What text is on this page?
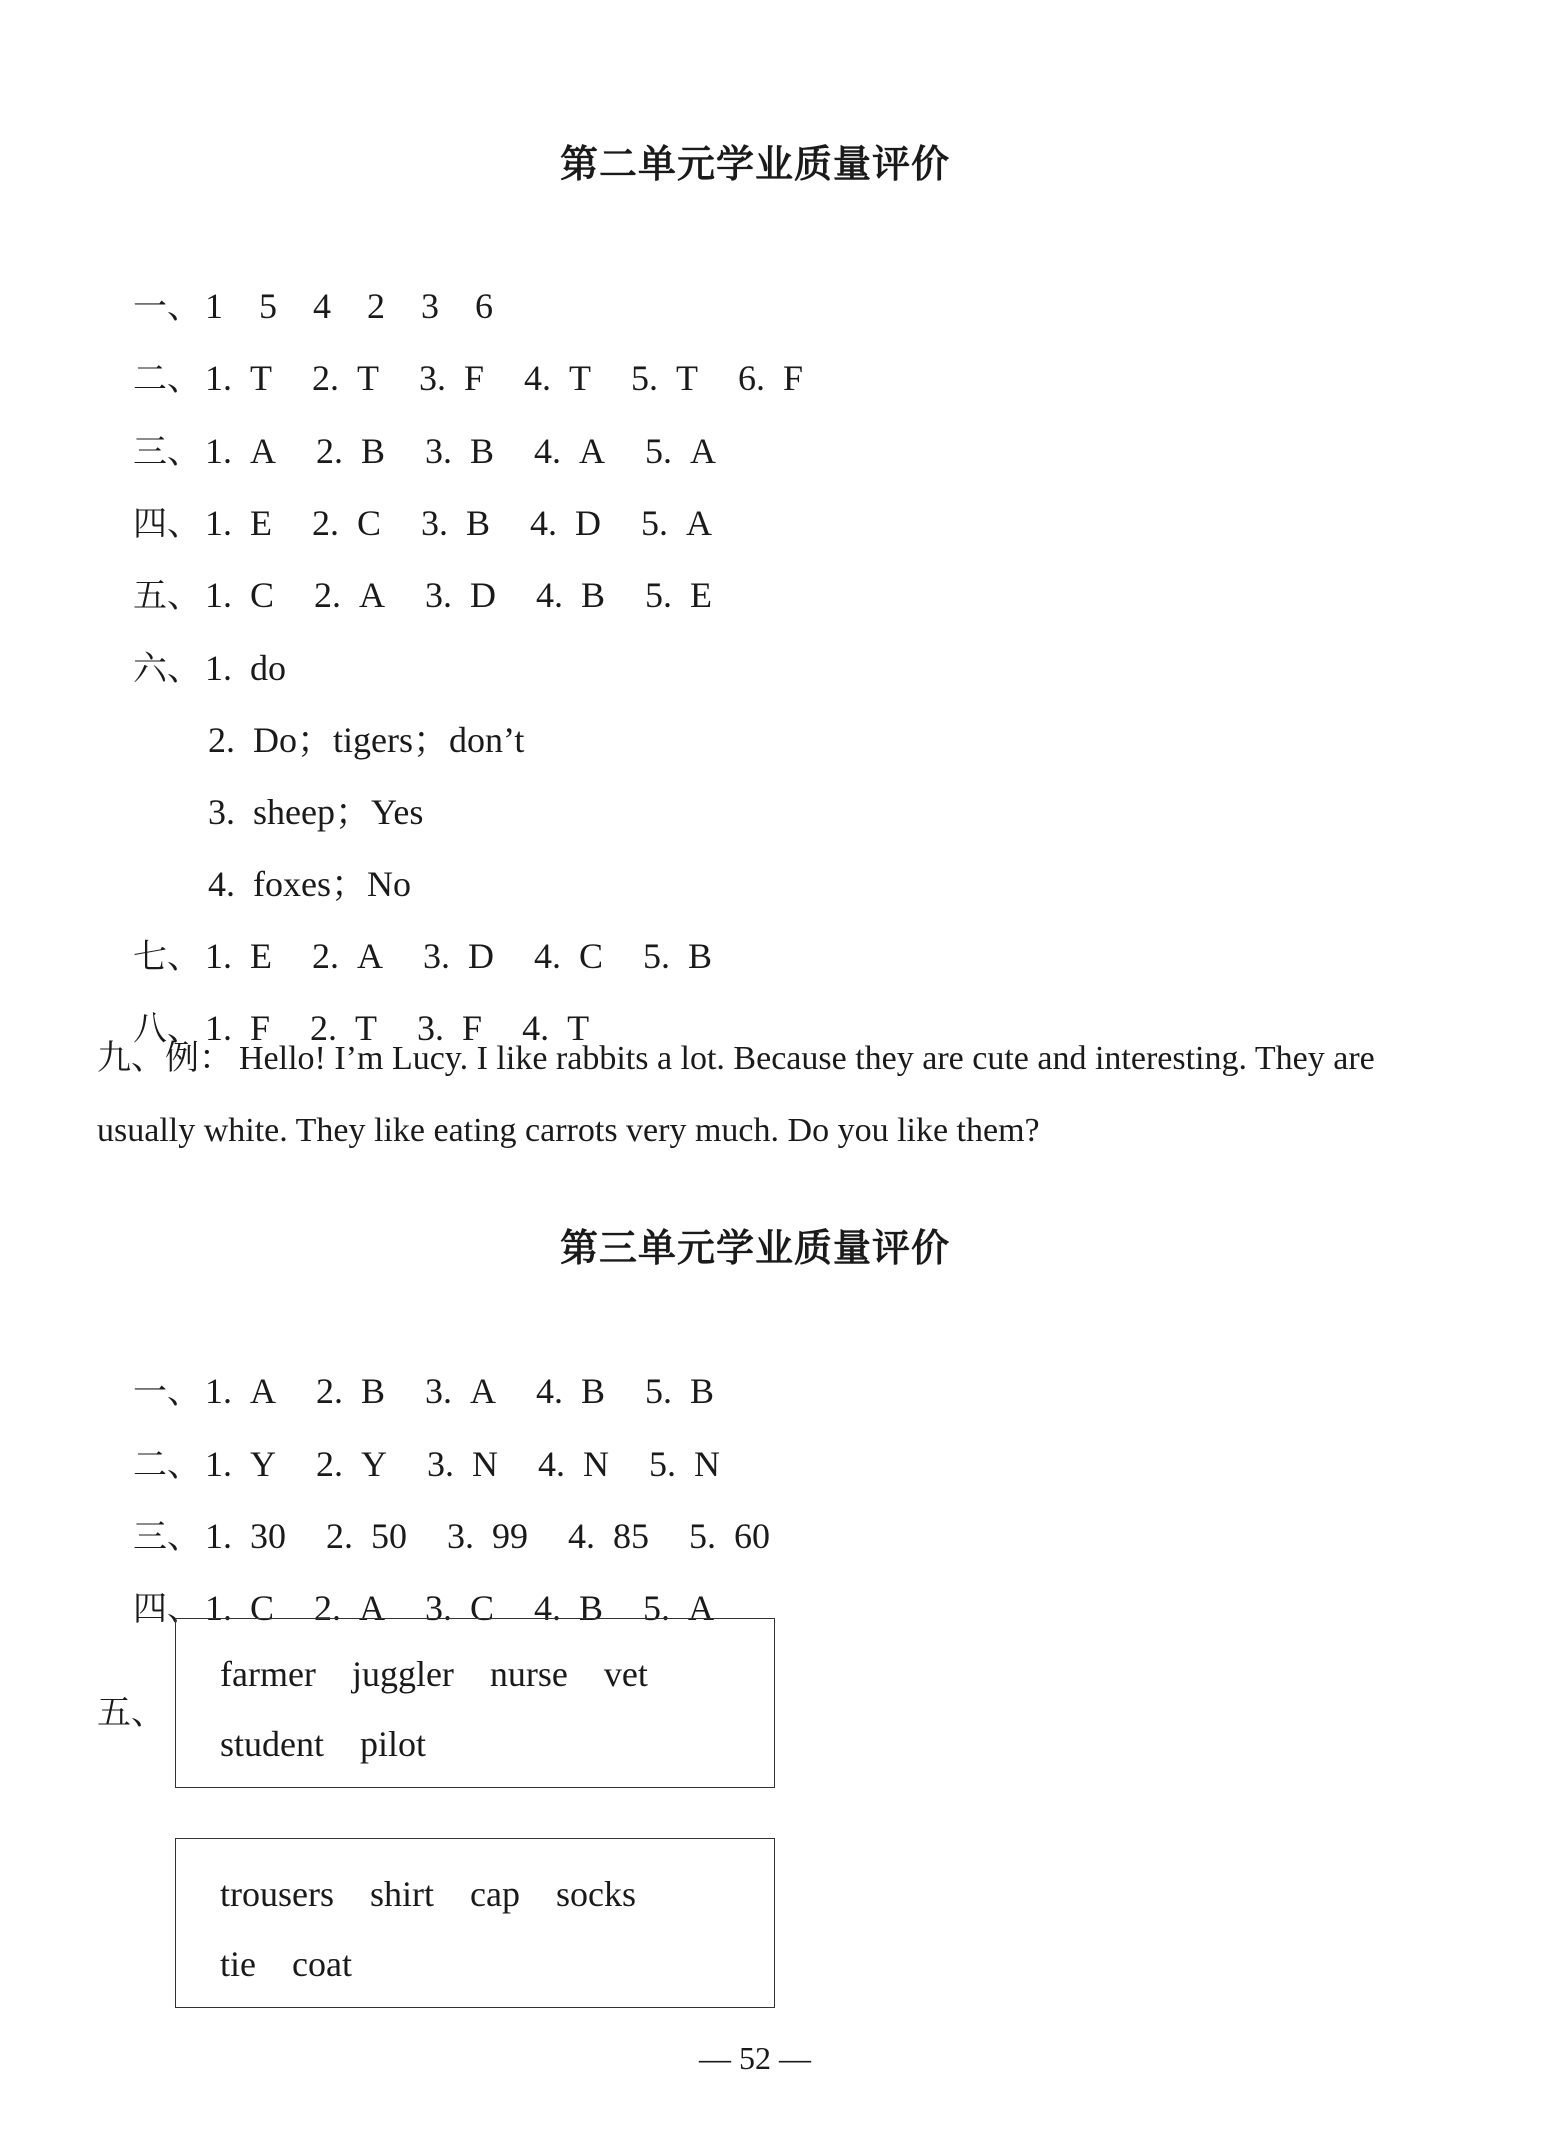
第二单元学业质量评价

一、 1 5 4 2 3 6

二、 1. T 2. T 3. F 4. T 5. T 6. F

三、 1. A 2. B 3. B 4. A 5. A

四、 1. E 2. C 3. B 4. D 5. A

五、 1. C 2. A 3. D 4. B 5. E

六、 1. do

2. Do；tigers；don’t

3. sheep；Yes

4. foxes；No

七、 1. E 2. A 3. D 4. C 5. B

八、 1. F 2. T 3. F 4. T

九、例： Hello! I’m Lucy. I like rabbits a lot. Because they are cute and interesting. They are usually white. They like eating carrots very much. Do you like them?
第三单元学业质量评价

一、 1. A 2. B 3. A 4. B 5. B

二、 1. Y 2. Y 3. N 4. N 5. N

三、 1. 30 2. 50 3. 99 4. 85 5. 60

四、 1. C 2. A 3. C 4. B 5. A

五、
farmer juggler nurse vet
student pilot
trousers shirt cap socks
tie coat
— 52 —
